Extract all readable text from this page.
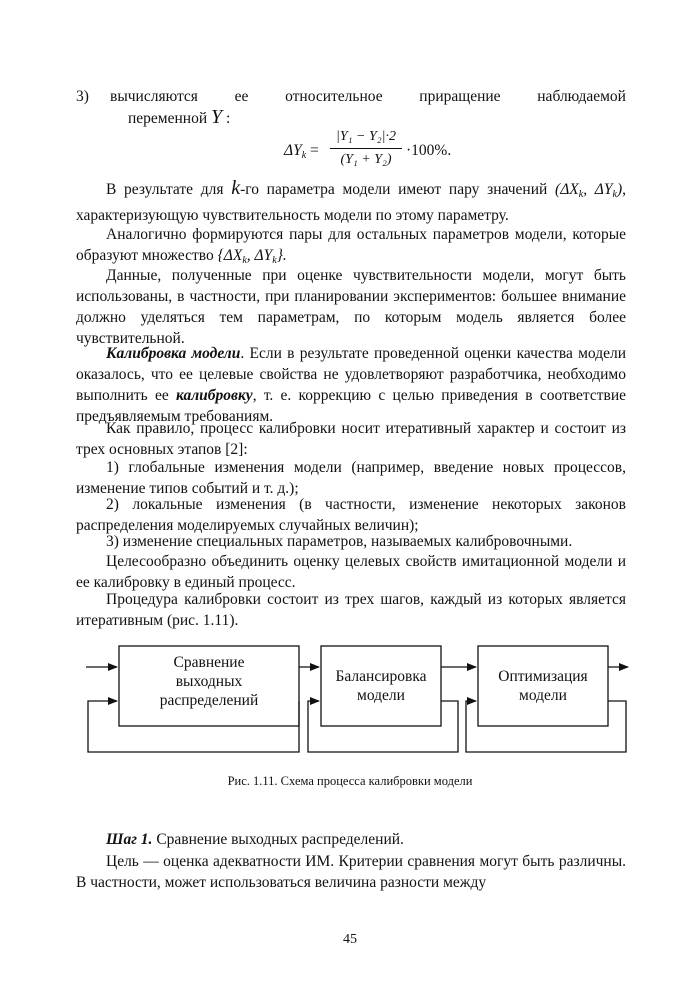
3) вычисляются ее относительное приращение наблюдаемой
переменной Y :
$\Delta Y_k$ =
|Y₁ − Y₂|·2
(Y₁ + Y₂)
·100%.
В результате для k-го параметра модели имеют пару значений ($\Delta X_k$, $\Delta Y_k$), характеризующую чувствительность модели по этому параметру.
Аналогично формируются пары для остальных параметров модели, которые образуют множество {$\Delta X_k$, $\Delta Y_k$}.
Данные, полученные при оценке чувствительности модели, могут быть использованы, в частности, при планировании экспериментов: большее внимание должно уделяться тем параметрам, по которым модель является более чувствительной.
Калибровка модели. Если в результате проведенной оценки качества модели оказалось, что ее целевые свойства не удовлетворяют разработчика, необходимо выполнить ее калибровку, т. е. коррекцию с целью приведения в соответствие предъявляемым требованиям.
Как правило, процесс калибровки носит итеративный характер и состоит из трех основных этапов [2]:
1) глобальные изменения модели (например, введение новых процессов, изменение типов событий и т. д.);
2) локальные изменения (в частности, изменение некоторых законов распределения моделируемых случайных величин);
3) изменение специальных параметров, называемых калибровочными.
Целесообразно объединить оценку целевых свойств имитационной модели и ее калибровку в единый процесс.
Процедура калибровки состоит из трех шагов, каждый из которых является итеративным (рис. 1.11).
Сравнение
выходных
распределений
Балансировка
модели
Оптимизация
модели
Рис. 1.11. Схема процесса калибровки модели
Шаг 1. Сравнение выходных распределений.
Цель — оценка адекватности ИМ. Критерии сравнения могут быть различны. В частности, может использоваться величина разности между
45
